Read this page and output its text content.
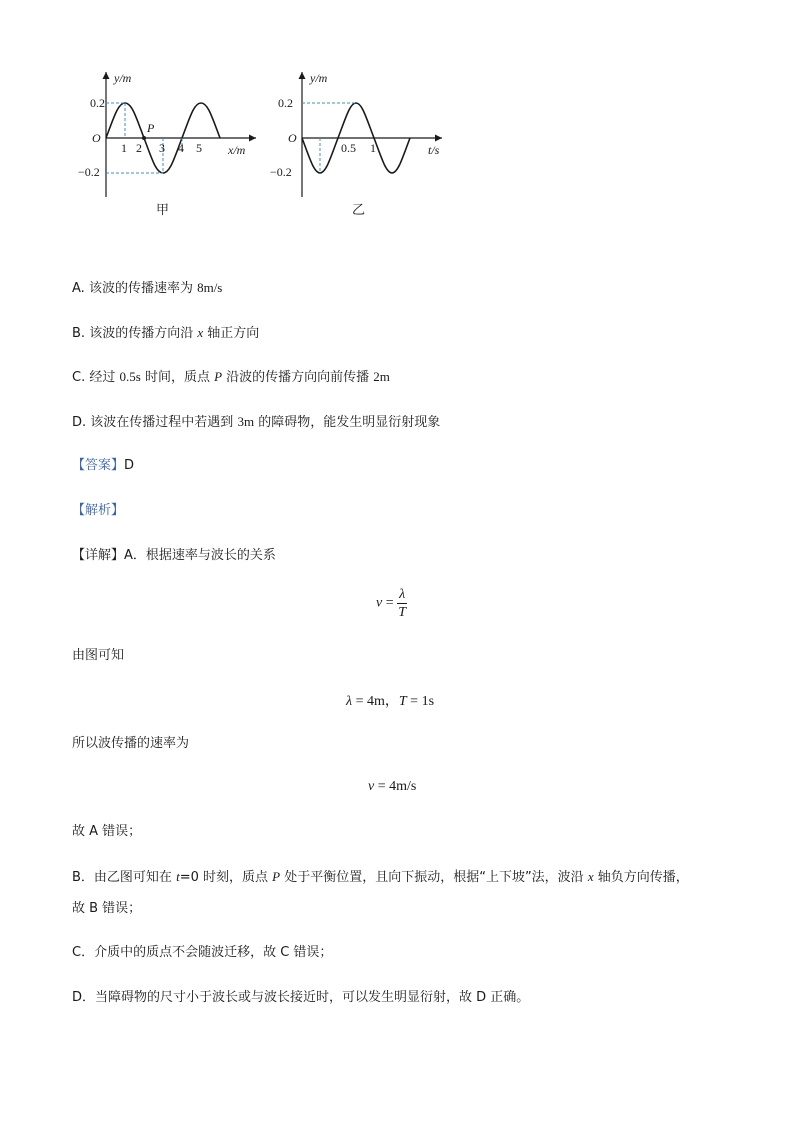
y/m
0.2
−0.2
O
1 2 3 4 5
P
x/m
甲
y/m
0.2
−0.2
O
0.5 1	t/s
乙
A. 该波的传播速率为 8m/s
B. 该波的传播方向沿 x 轴正方向
C. 经过 0.5s 时间，质点 P 沿波的传播方向向前传播 2m
D. 该波在传播过程中若遇到 3m 的障碍物，能发生明显衍射现象
【答案】D
【解析】
【详解】A．根据速率与波长的关系
$v = \frac{\lambda}{T}$
由图可知
λ = 4m，T = 1s
所以波传播的速率为
v = 4m/s
故 A 错误；
B．由乙图可知在 t=0 时刻，质点 P 处于平衡位置，且向下振动，根据“上下坡”法，波沿 x 轴负方向传播，
故 B 错误；
C．介质中的质点不会随波迁移，故 C 错误；
D．当障碍物的尺寸小于波长或与波长接近时，可以发生明显衍射，故 D 正确。
